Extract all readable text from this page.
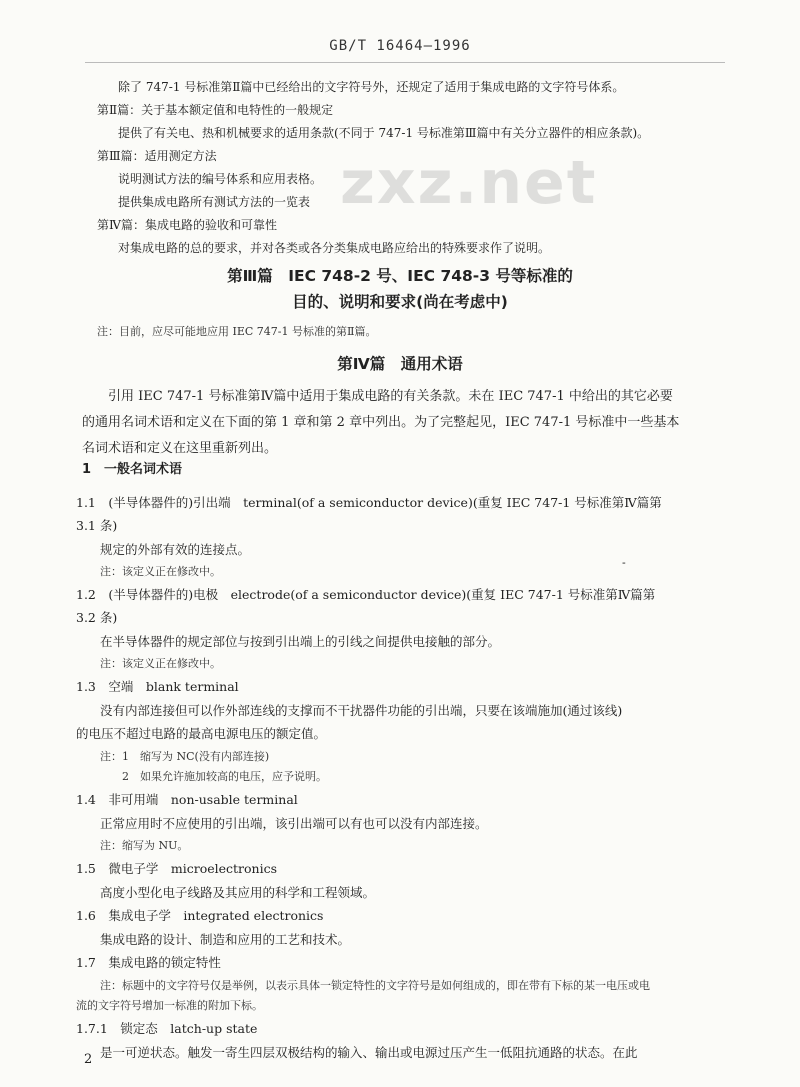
GB/T 16464—1996
zxz.net
除了 747-1 号标准第Ⅱ篇中已经给出的文字符号外，还规定了适用于集成电路的文字符号体系。
第Ⅱ篇：关于基本额定值和电特性的一般规定
提供了有关电、热和机械要求的适用条款(不同于 747-1 号标准第Ⅲ篇中有关分立器件的相应条款)。
第Ⅲ篇：适用测定方法
说明测试方法的编号体系和应用表格。
提供集成电路所有测试方法的一览表
第Ⅳ篇：集成电路的验收和可靠性
对集成电路的总的要求，并对各类或各分类集成电路应给出的特殊要求作了说明。
第Ⅲ篇　IEC 748-2 号、IEC 748-3 号等标准的
目的、说明和要求(尚在考虑中)
注：目前，应尽可能地应用 IEC 747-1 号标准的第Ⅱ篇。
第Ⅳ篇　通用术语
引用 IEC 747-1 号标准第Ⅳ篇中适用于集成电路的有关条款。未在 IEC 747-1 中给出的其它必要
的通用名词术语和定义在下面的第 1 章和第 2 章中列出。为了完整起见，IEC 747-1 号标准中一些基本
名词术语和定义在这里重新列出。
1　一般名词术语
1.1　(半导体器件的)引出端　terminal(of a semiconductor device)(重复 IEC 747-1 号标准第Ⅳ篇第
3.1 条)
规定的外部有效的连接点。
-
注：该定义正在修改中。
1.2　(半导体器件的)电极　electrode(of a semiconductor device)(重复 IEC 747-1 号标准第Ⅳ篇第
3.2 条)
在半导体器件的规定部位与按到引出端上的引线之间提供电接触的部分。
注：该定义正在修改中。
1.3　空端　blank terminal
没有内部连接但可以作外部连线的支撑而不干扰器件功能的引出端，只要在该端施加(通过该线)
的电压不超过电路的最高电源电压的额定值。
注：1　缩写为 NC(没有内部连接)
2　如果允许施加较高的电压，应予说明。
1.4　非可用端　non-usable terminal
正常应用时不应使用的引出端，该引出端可以有也可以没有内部连接。
注：缩写为 NU。
1.5　微电子学　microelectronics
高度小型化电子线路及其应用的科学和工程领域。
1.6　集成电子学　integrated electronics
集成电路的设计、制造和应用的工艺和技术。
1.7　集成电路的锁定特性
注：标题中的文字符号仅是举例，以表示具体一锁定特性的文字符号是如何组成的，即在带有下标的某一电压或电
流的文字符号增加一标准的附加下标。
1.7.1　锁定态　latch-up state
是一可逆状态。触发一寄生四层双极结构的输入、输出或电源过压产生一低阻抗通路的状态。在此
2
